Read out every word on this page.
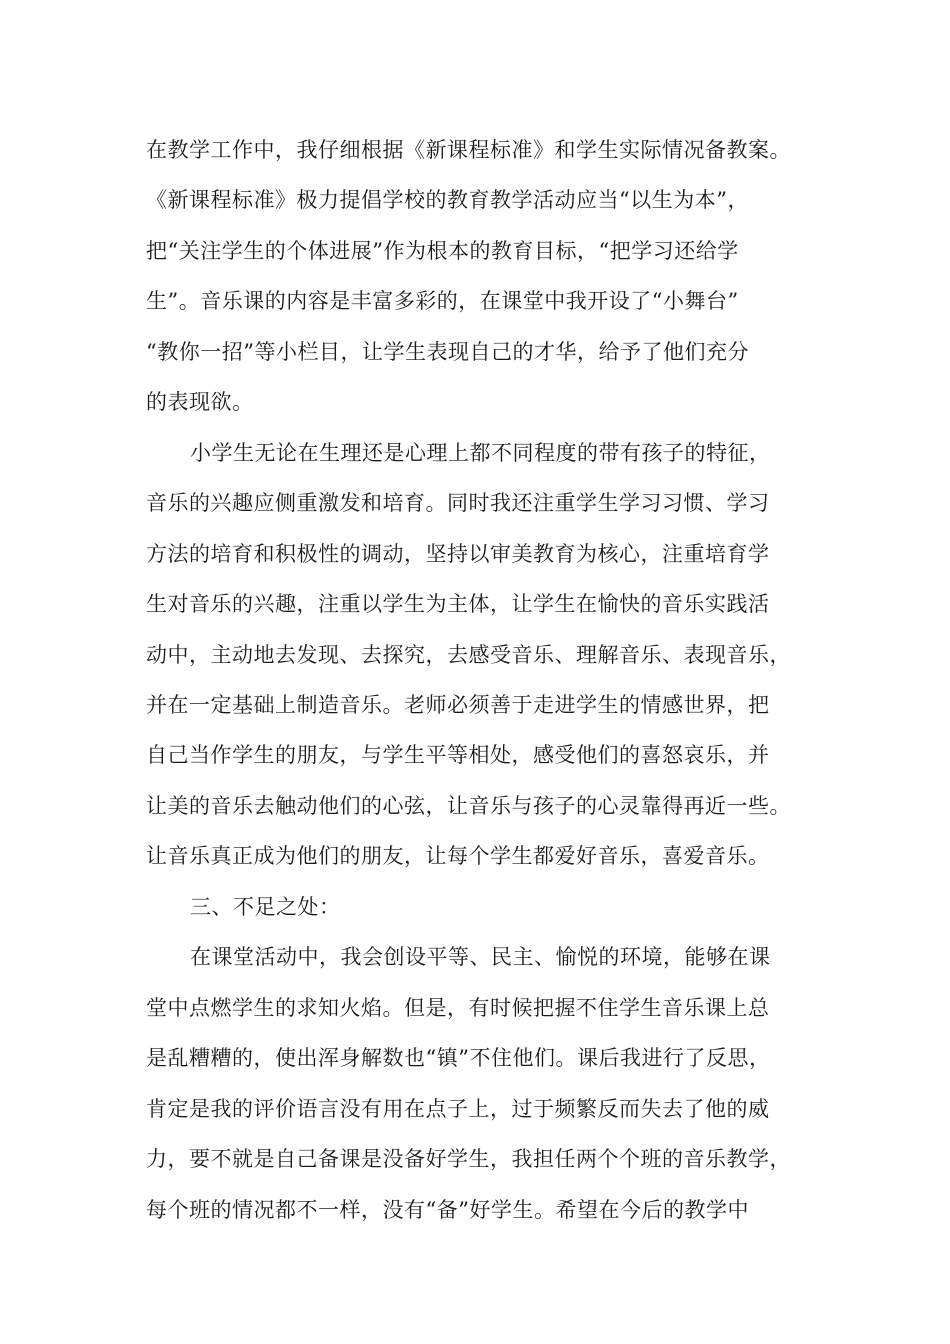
在教学工作中，我仔细根据《新课程标准》和学生实际情况备教案。
《新课程标准》极力提倡学校的教育教学活动应当“以生为本”，
把“关注学生的个体进展”作为根本的教育目标，“把学习还给学
生”。音乐课的内容是丰富多彩的，在课堂中我开设了“小舞台”
“教你一招”等小栏目，让学生表现自己的才华，给予了他们充分
的表现欲。
小学生无论在生理还是心理上都不同程度的带有孩子的特征，
音乐的兴趣应侧重激发和培育。同时我还注重学生学习习惯、学习
方法的培育和积极性的调动，坚持以审美教育为核心，注重培育学
生对音乐的兴趣，注重以学生为主体，让学生在愉快的音乐实践活
动中，主动地去发现、去探究，去感受音乐、理解音乐、表现音乐，
并在一定基础上制造音乐。老师必须善于走进学生的情感世界，把
自己当作学生的朋友，与学生平等相处，感受他们的喜怒哀乐，并
让美的音乐去触动他们的心弦，让音乐与孩子的心灵靠得再近一些。
让音乐真正成为他们的朋友，让每个学生都爱好音乐，喜爱音乐。
三、不足之处：
在课堂活动中，我会创设平等、民主、愉悦的环境，能够在课
堂中点燃学生的求知火焰。但是，有时候把握不住学生音乐课上总
是乱糟糟的，使出浑身解数也“镇”不住他们。课后我进行了反思，
肯定是我的评价语言没有用在点子上，过于频繁反而失去了他的威
力，要不就是自己备课是没备好学生，我担任两个个班的音乐教学，
每个班的情况都不一样，没有“备”好学生。希望在今后的教学中
